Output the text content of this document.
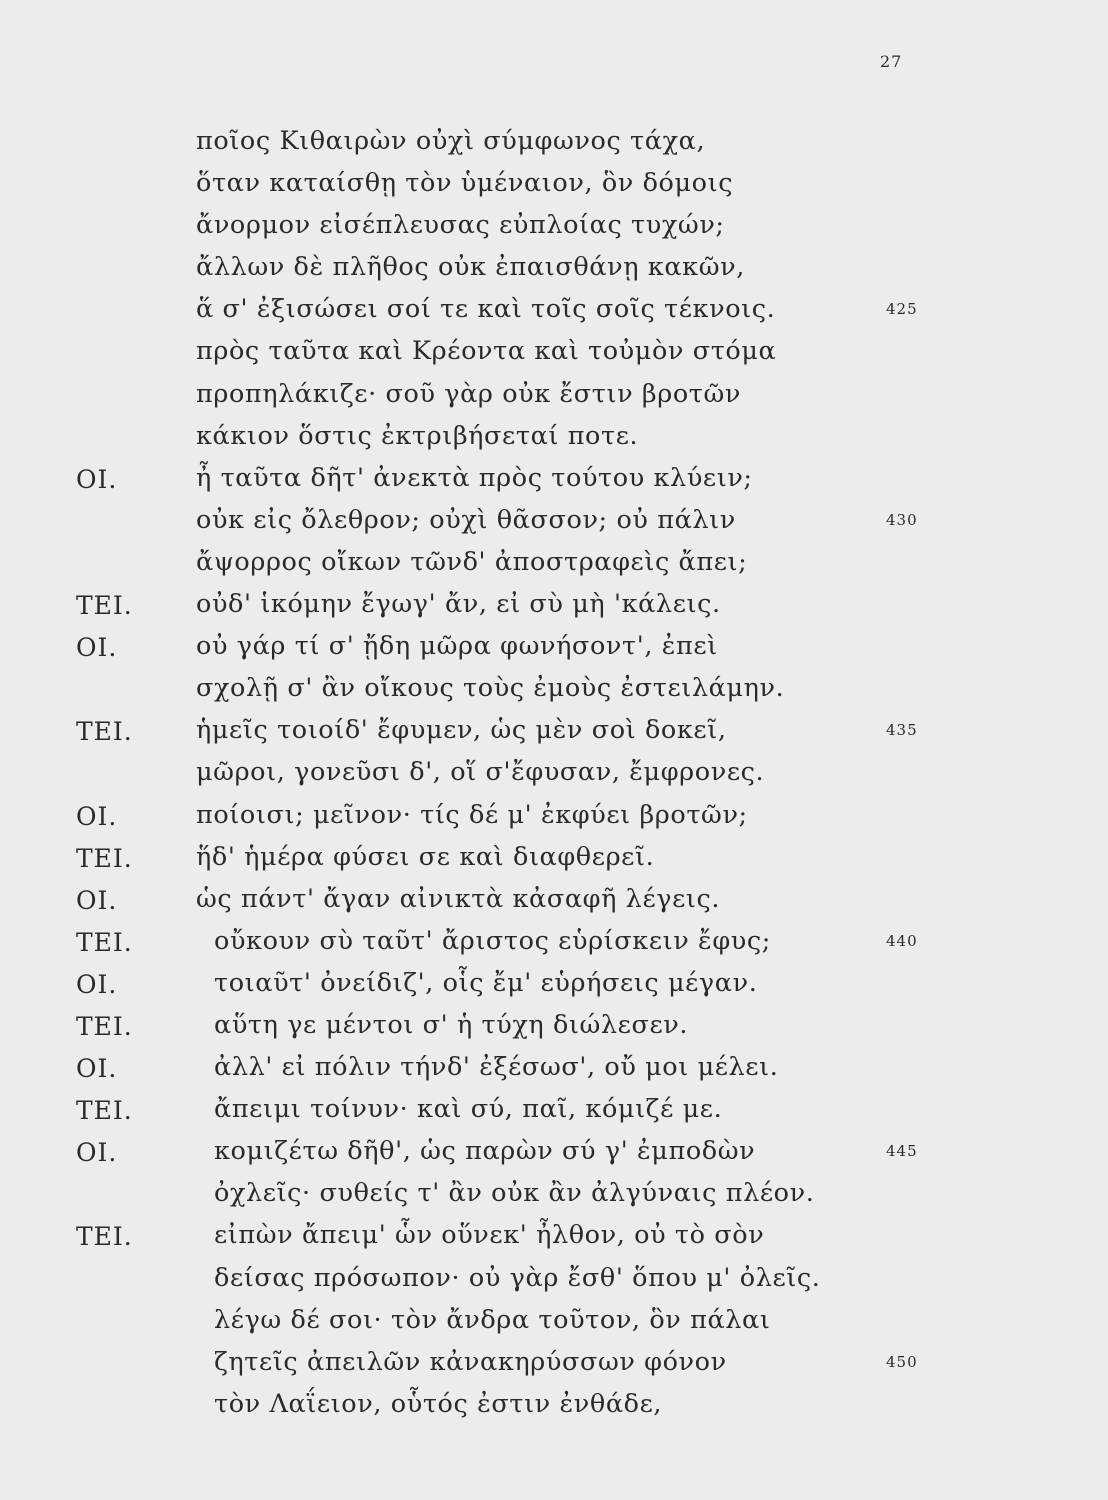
27
ποῖος Κιθαιρὼν οὐχὶ σύμφωνος τάχα,
ὅταν καταίσθῃ τὸν ὑμέναιον, ὃν δόμοις
ἄνορμον εἰσέπλευσας εὐπλοίας τυχών;
ἄλλων δὲ πλῆθος οὐκ ἐπαισθάνῃ κακῶν,
ἅ σ' ἐξισώσει σοί τε καὶ τοῖς σοῖς τέκνοις.	425
πρὸς ταῦτα καὶ Κρέοντα καὶ τοὐμὸν στόμα
προπηλάκιζε· σοῦ γὰρ οὐκ ἔστιν βροτῶν
κάκιον ὅστις ἐκτριβήσεταί ποτε.
ΟΙ.	ἦ ταῦτα δῆτ' ἀνεκτὰ πρὸς τούτου κλύειν;
οὐκ εἰς ὄλεθρον; οὐχὶ θᾶσσον; οὐ πάλιν	430
ἄψορρος οἴκων τῶνδ' ἀποστραφεὶς ἄπει;
ΤΕΙ. οὐδ' ἱκόμην ἔγωγ' ἄν, εἰ σὺ μὴ 'κάλεις.
ΟΙ.	οὐ γάρ τί σ' ᾔδη μῶρα φωνήσοντ', ἐπεὶ
σχολῇ σ' ἂν οἴκους τοὺς ἐμοὺς ἐστειλάμην.
ΤΕΙ. ἡμεῖς τοιοίδ' ἔφυμεν, ὡς μὲν σοὶ δοκεῖ,	435
μῶροι, γονεῦσι δ', οἵ σ'ἔφυσαν, ἔμφρονες.
ΟΙ.	ποίοισι; μεῖνον· τίς δέ μ' ἐκφύει βροτῶν;
ΤΕΙ. ἥδ' ἡμέρα φύσει σε καὶ διαφθερεῖ.
ΟΙ.	ὡς πάντ' ἄγαν αἰνικτὰ κἀσαφῆ λέγεις.
ΤΕΙ.	οὔκουν σὺ ταῦτ' ἄριστος εὑρίσκειν ἔφυς;	440
ΟΙ.	τοιαῦτ' ὀνείδιζ', οἷς ἔμ' εὑρήσεις μέγαν.
ΤΕΙ.	αὕτη γε μέντοι σ' ἡ τύχη διώλεσεν.
ΟΙ.	ἀλλ' εἰ πόλιν τήνδ' ἐξέσωσ', οὔ μοι μέλει.
ΤΕΙ.	ἄπειμι τοίνυν· καὶ σύ, παῖ, κόμιζέ με.
ΟΙ.	κομιζέτω δῆθ', ὡς παρὼν σύ γ' ἐμποδὼν	445
ὀχλεῖς· συθείς τ' ἂν οὐκ ἂν ἀλγύναις πλέον.
ΤΕΙ.	εἰπὼν ἄπειμ' ὧν οὕνεκ' ἦλθον, οὐ τὸ σὸν
δείσας πρόσωπον· οὐ γὰρ ἔσθ' ὅπου μ' ὀλεῖς.
λέγω δέ σοι· τὸν ἄνδρα τοῦτον, ὃν πάλαι
ζητεῖς ἀπειλῶν κἀνακηρύσσων φόνον	450
τὸν Λαΐειον, οὗτός ἐστιν ἐνθάδε,
